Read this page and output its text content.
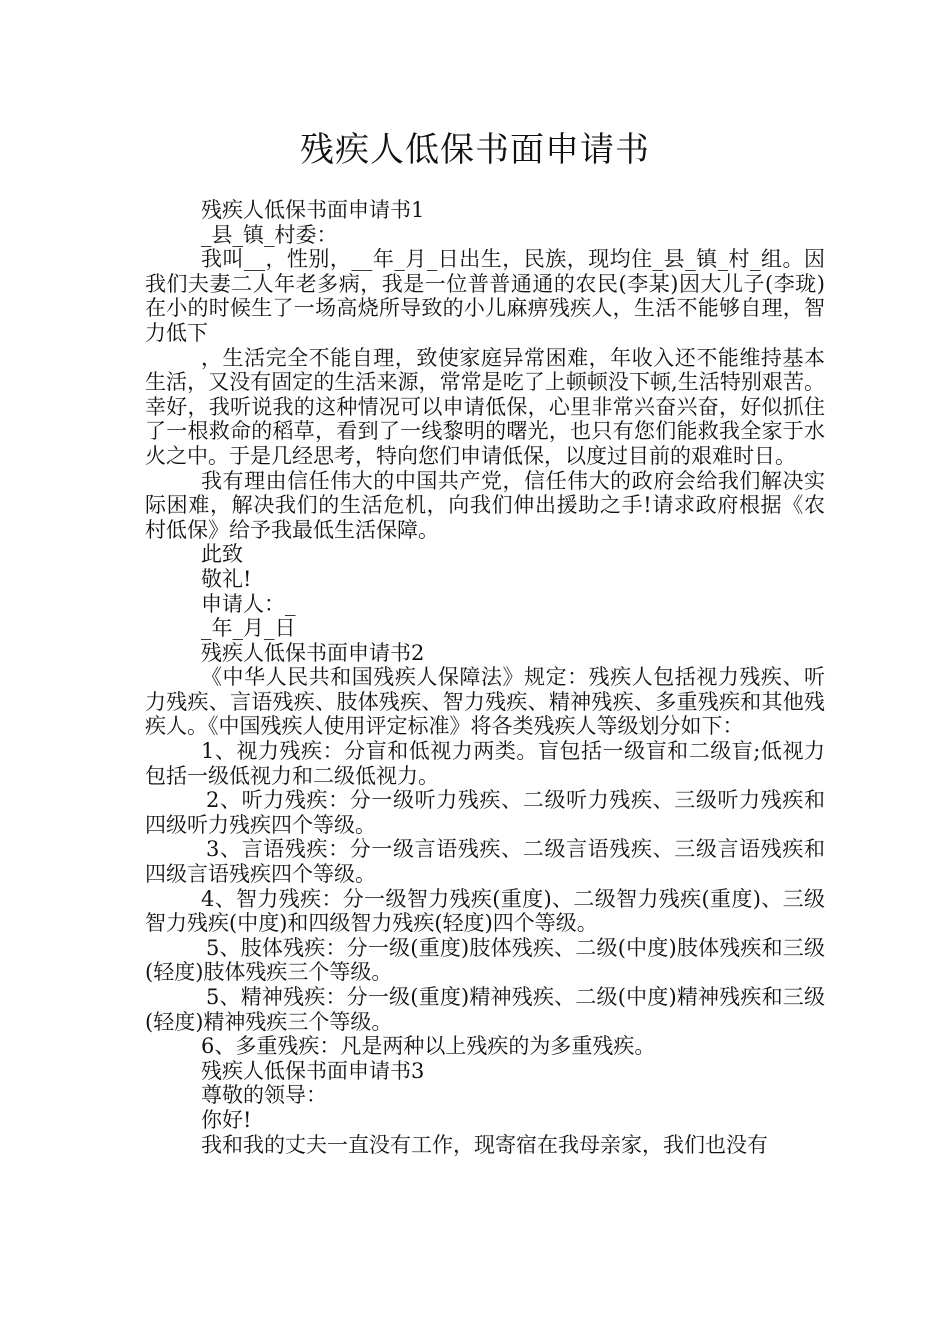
残疾人低保书面申请书

残疾人低保书面申请书1

_县_镇_村委：

我叫__，性别，__年_月_日出生，民族，现均住_县_镇_村_组。因我们夫妻二人年老多病，我是一位普普通通的农民(李某)因大儿子(李珑)在小的时候生了一场高烧所导致的小儿麻痹残疾人，生活不能够自理，智力低下

，生活完全不能自理，致使家庭异常困难，年收入还不能维持基本生活，又没有固定的生活来源，常常是吃了上顿顿没下顿,生活特别艰苦。幸好，我听说我的这种情况可以申请低保，心里非常兴奋兴奋，好似抓住了一根救命的稻草，看到了一线黎明的曙光，也只有您们能救我全家于水火之中。于是几经思考，特向您们申请低保，以度过目前的艰难时日。

我有理由信任伟大的中国共产党，信任伟大的政府会给我们解决实际困难，解决我们的生活危机，向我们伸出援助之手!请求政府根据《农村低保》给予我最低生活保障。

此致

敬礼!

申请人：_

_年_月_日

残疾人低保书面申请书2

《中华人民共和国残疾人保障法》规定：残疾人包括视力残疾、听力残疾、言语残疾、肢体残疾、智力残疾、精神残疾、多重残疾和其他残疾人。《中国残疾人使用评定标准》将各类残疾人等级划分如下：

1、视力残疾：分盲和低视力两类。盲包括一级盲和二级盲;低视力包括一级低视力和二级低视力。

2、听力残疾：分一级听力残疾、二级听力残疾、三级听力残疾和四级听力残疾四个等级。

3、言语残疾：分一级言语残疾、二级言语残疾、三级言语残疾和四级言语残疾四个等级。

4、智力残疾：分一级智力残疾(重度)、二级智力残疾(重度)、三级智力残疾(中度)和四级智力残疾(轻度)四个等级。

5、肢体残疾：分一级(重度)肢体残疾、二级(中度)肢体残疾和三级(轻度)肢体残疾三个等级。

5、精神残疾：分一级(重度)精神残疾、二级(中度)精神残疾和三级(轻度)精神残疾三个等级。

6、多重残疾：凡是两种以上残疾的为多重残疾。

残疾人低保书面申请书3

尊敬的领导：

你好!

我和我的丈夫一直没有工作，现寄宿在我母亲家，我们也没有
